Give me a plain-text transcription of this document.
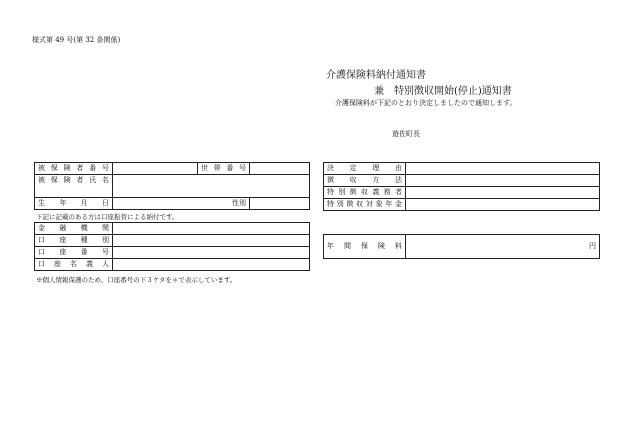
様式第 49 号(第 32 条関係)
介護保険料納付通知書
兼　特別徴収開始(停止)通知書
介護保険料が下記のとおり決定しましたので通知します。
遊佐町長
被保険者番号		世帯番号	
被保険者氏名			

生 年 月 日	性別		
下記に記載のある方は口座振替による納付です。
金融機関	
口座種別	
口座番号	
口座名義人	
※個人情報保護のため、口座番号の下３ケタを＊で表示しています。
決定理由	
徴収方法	
特別徴収義務者	
特別徴収対象年金	
年間保険料	円
